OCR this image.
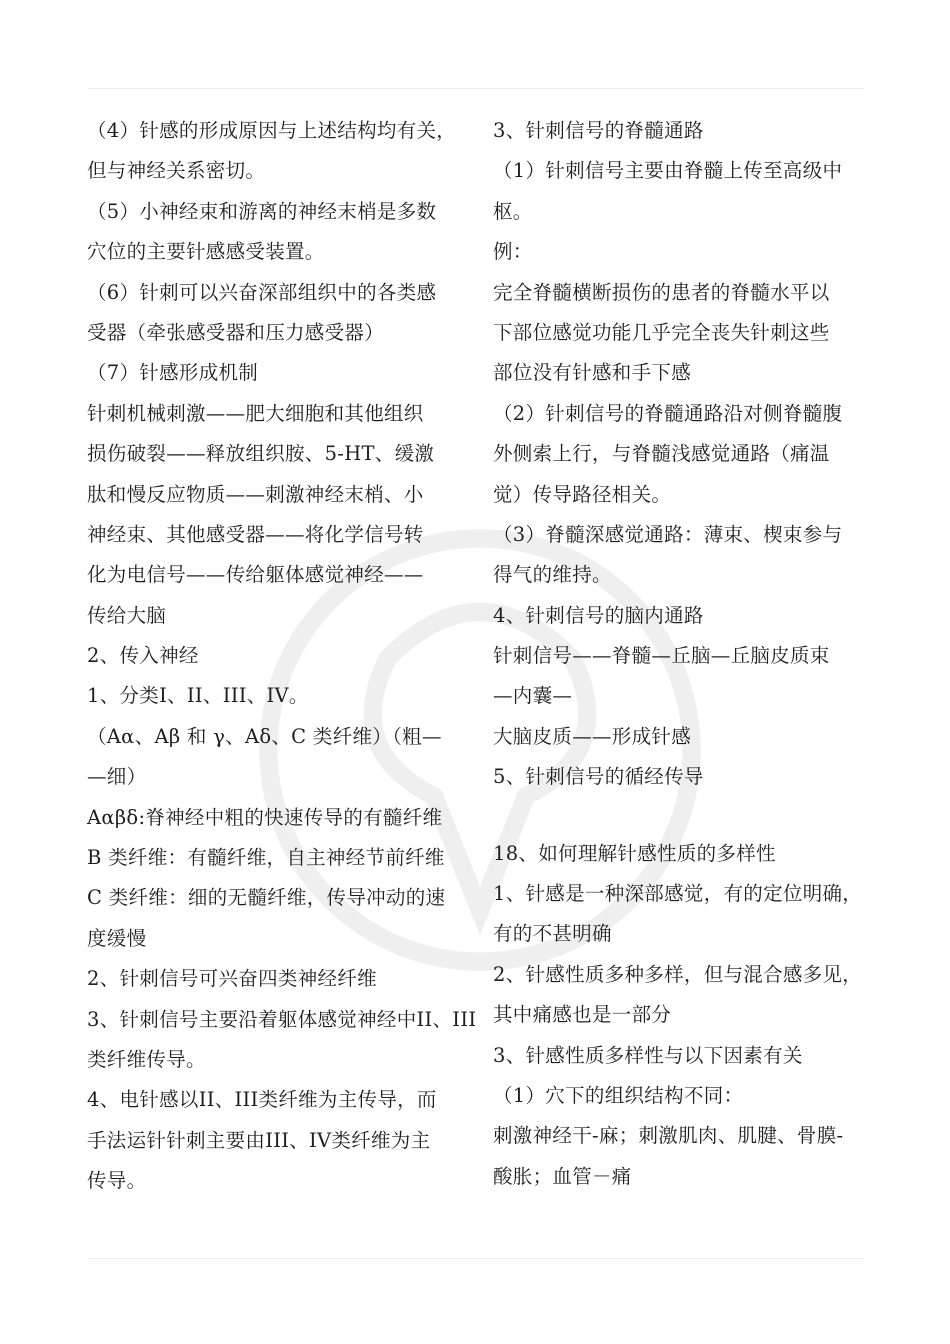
（4）针感的形成原因与上述结构均有关，
但与神经关系密切。
（5）小神经束和游离的神经末梢是多数
穴位的主要针感感受装置。
（6）针刺可以兴奋深部组织中的各类感
受器（牵张感受器和压力感受器）
（7）针感形成机制
针刺机械刺激——肥大细胞和其他组织
损伤破裂——释放组织胺、5-HT、缓激
肽和慢反应物质——刺激神经末梢、小
神经束、其他感受器——将化学信号转
化为电信号——传给躯体感觉神经——
传给大脑
2、传入神经
1、分类I、II、III、IV。
（Aα、Aβ 和 γ、Aδ、C 类纤维）（粗—
—细）
Aαβδ:脊神经中粗的快速传导的有髓纤维
B 类纤维：有髓纤维，自主神经节前纤维
C 类纤维：细的无髓纤维，传导冲动的速
度缓慢
2、针刺信号可兴奋四类神经纤维
3、针刺信号主要沿着躯体感觉神经中II、III
类纤维传导。
4、电针感以II、III类纤维为主传导，而
手法运针针刺主要由III、IV类纤维为主
传导。
3、针刺信号的脊髓通路
（1）针刺信号主要由脊髓上传至高级中
枢。
例：
完全脊髓横断损伤的患者的脊髓水平以
下部位感觉功能几乎完全丧失针刺这些
部位没有针感和手下感
（2）针刺信号的脊髓通路沿对侧脊髓腹
外侧索上行，与脊髓浅感觉通路（痛温
觉）传导路径相关。
（3）脊髓深感觉通路：薄束、楔束参与
得气的维持。
4、针刺信号的脑内通路
针刺信号——脊髓—丘脑—丘脑皮质束
—内囊—
大脑皮质——形成针感
5、针刺信号的循经传导
18、如何理解针感性质的多样性
1、针感是一种深部感觉，有的定位明确，
有的不甚明确
2、针感性质多种多样，但与混合感多见，
其中痛感也是一部分
3、针感性质多样性与以下因素有关
（1）穴下的组织结构不同：
刺激神经干-麻；刺激肌肉、肌腱、骨膜-
酸胀；血管－痛
